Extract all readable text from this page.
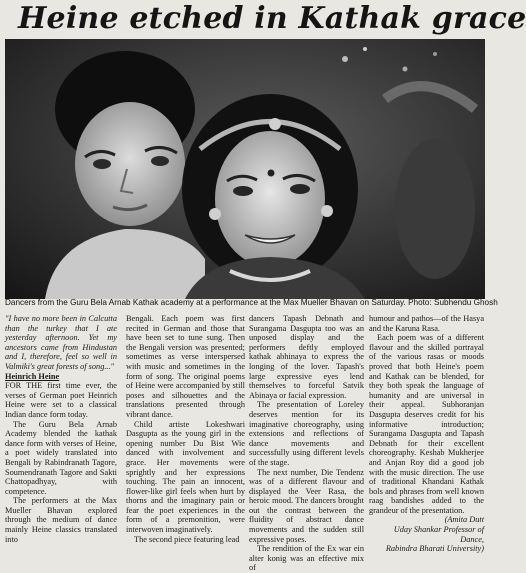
Heine etched in Kathak grace
Dancers from the Guru Bela Arnab Kathak academy at a performance at the Max Mueller Bhavan on Saturday. Photo: Subhendu Ghosh

"I have no more been in Calcutta than the turkey that I ate yesterday afternoon. Yet my ancestors came from Hindustan and I, therefore, feel so well in Valmiki's great forests of song..."

Heinrich Heine

FOR THE first time ever, the verses of German poet Heinrich Heine were set to a classical Indian dance form today.

The Guru Bela Arnab Academy blended the kathak dance form with verses of Heine, a poet widely translated into Bengali by Rabindranath Tagore, Soumendranath Tagore and Sakti Chattopadhyay, with competence.

The performers at the Max Mueller Bhavan explored through the medium of dance mainly Heine classics translated into

Bengali. Each poem was first recited in German and those that have been set to tune sung. Then the Bengali version was presented; sometimes as verse interspersed with music and sometimes in the form of song. The original poems of Heine were accompanied by still poses and silhouettes and the translations presented through vibrant dance.

Child artiste Lokeshwari Dasgupta as the young girl in the opening number Du Bist Wie danced with involvement and grace. Her movements were sprightly and her expressions touching. The pain an innocent, flower-like girl feels when hurt by thorns and the imaginary pain or fear the poet experiences in the form of a premonition, were interwoven imaginatively.

The second piece featuring lead

dancers Tapash Debnath and Surangama Dasgupta too was an unposed display and the performers deftly employed kathak abhinaya to express the longing of the lover. Tapash's large expressive eyes lend themselves to forceful Satvik Abinaya or facial expression.

The presentation of Loreley deserves mention for its imaginative choreography, using extensions and reflections of dance movements and successfully using different levels of the stage.

The next number, Die Tendenz was of a different flavour and displayed the Veer Rasa, the heroic mood. The dancers brought out the contrast between the fluidity of abstract dance movements and the sudden still expressive poses.

The rendition of the Ex war ein alter konig was an effective mix of

humour and pathos—of the Hasya and the Karuna Rasa.

Each poem was of a different flavour and the skilled portrayal of the various rasas or moods proved that both Heine's poem and Kathak can be blended, for they both speak the language of humanity and are universal in their appeal. Subhoranjan Dasgupta deserves credit for his informative introduction; Surangama Dasgupta and Tapash Debnath for their excellent choreography. Keshab Mukherjee and Anjan Roy did a good job with the music direction. The use of traditional Khandani Kathak bols and phrases from well known raag bandishes added to the grandeur of the presentation.

(Amita Dutt

Uday Shankar Professor of Dance,

Rabindra Bharati University)
